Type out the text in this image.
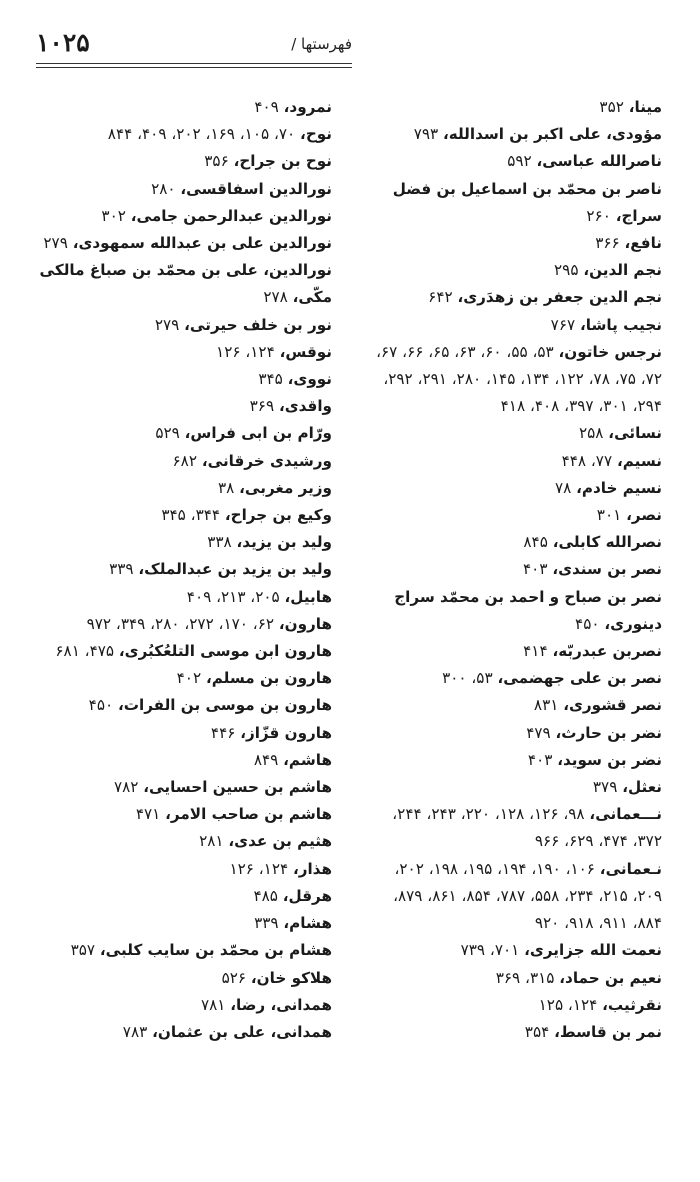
۱۰۲۵	فهرستها /

مینا، ۳۵۲

مؤودی، علی اکبر بن اسدالله، ۷۹۳

ناصرالله عباسی، ۵۹۲

ناصر بن محمّد بن اسماعیل بن فضل سراج، ۲۶۰

نافع، ۳۶۶

نجم الدین، ۲۹۵

نجم الدین جعفر بن زهدَری، ۶۴۲

نجیب پاشا، ۷۶۷

نرجس خاتون، ۵۳، ۵۵، ۶۰، ۶۳، ۶۵، ۶۶، ۶۷، ۷۲، ۷۵، ۷۸، ۱۲۲، ۱۳۴، ۱۴۵، ۲۸۰، ۲۹۱، ۲۹۲، ۲۹۴، ۳۰۱، ۳۹۷، ۴۰۸، ۴۱۸

نسائی، ۲۵۸

نسیم، ۷۷، ۴۴۸

نسیم خادم، ۷۸

نصر، ۳۰۱

نصرالله کابلی، ۸۴۵

نصر بن سندی، ۴۰۳

نصر بن صباح و احمد بن محمّد سراج دینوری، ۴۵۰

نصربن عبدربّه، ۴۱۴

نصر بن علی جهضمی، ۵۳، ۳۰۰

نصر قشوری، ۸۳۱

نضر بن حارث، ۴۷۹

نضر بن سوید، ۴۰۳

نعثل، ۳۷۹

نـــعمانی، ۹۸، ۱۲۶، ۱۲۸، ۲۲۰، ۲۴۳، ۲۴۴، ۳۷۲، ۴۷۴، ۶۲۹، ۹۶۶

نـعمانی، ۱۰۶، ۱۹۰، ۱۹۴، ۱۹۵، ۱۹۸، ۲۰۲، ۲۰۹، ۲۱۵، ۲۳۴، ۵۵۸، ۷۸۷، ۸۵۴، ۸۶۱، ۸۷۹، ۸۸۴، ۹۱۱، ۹۱۸، ۹۲۰

نعمت الله جزایری، ۷۰۱، ۷۳۹

نعیم بن حماد، ۳۱۵، ۳۶۹

نقرثیب، ۱۲۴، ۱۲۵

نمر بن قاسط، ۳۵۴

نمرود، ۴۰۹

نوح، ۷۰، ۱۰۵، ۱۶۹، ۲۰۲، ۴۰۹، ۸۴۴

نوح بن جراح، ۳۵۶

نورالدین اسفاقسی، ۲۸۰

نورالدین عبدالرحمن جامی، ۳۰۲

نورالدین علی بن عبدالله سمهودی، ۲۷۹

نورالدین، علی بن محمّد بن صباغ مالکی مکّی، ۲۷۸

نور بن خلف حیرتی، ۲۷۹

نوقس، ۱۲۴، ۱۲۶

نووی، ۳۴۵

واقدی، ۳۶۹

ورّام بن ابی فراس، ۵۲۹

ورشیدی خرقانی، ۶۸۲

وزیر مغربی، ۳۸

وکیع بن جراح، ۳۴۴، ۳۴۵

ولید بن یزید، ۳۳۸

ولید بن یزید بن عبدالملک، ۳۳۹

هابیل، ۲۰۵، ۲۱۳، ۴۰۹

هارون، ۶۲، ۱۷۰، ۲۷۲، ۲۸۰، ۳۴۹، ۹۷۲

هارون ابن موسی التلعُکبُری، ۴۷۵، ۶۸۱

هارون بن مسلم، ۴۰۲

هارون بن موسی بن الفرات، ۴۵۰

هارون قزّاز، ۴۴۶

هاشم، ۸۴۹

هاشم بن حسین احسایی، ۷۸۲

هاشم بن صاحب الامر، ۴۷۱

هثیم بن عدی، ۲۸۱

هذار، ۱۲۴، ۱۲۶

هرقل، ۴۸۵

هشام، ۳۳۹

هشام بن محمّد بن سایب کلبی، ۳۵۷

هلاکو خان، ۵۲۶

همدانی، رضا، ۷۸۱

همدانی، علی بن عثمان، ۷۸۳
